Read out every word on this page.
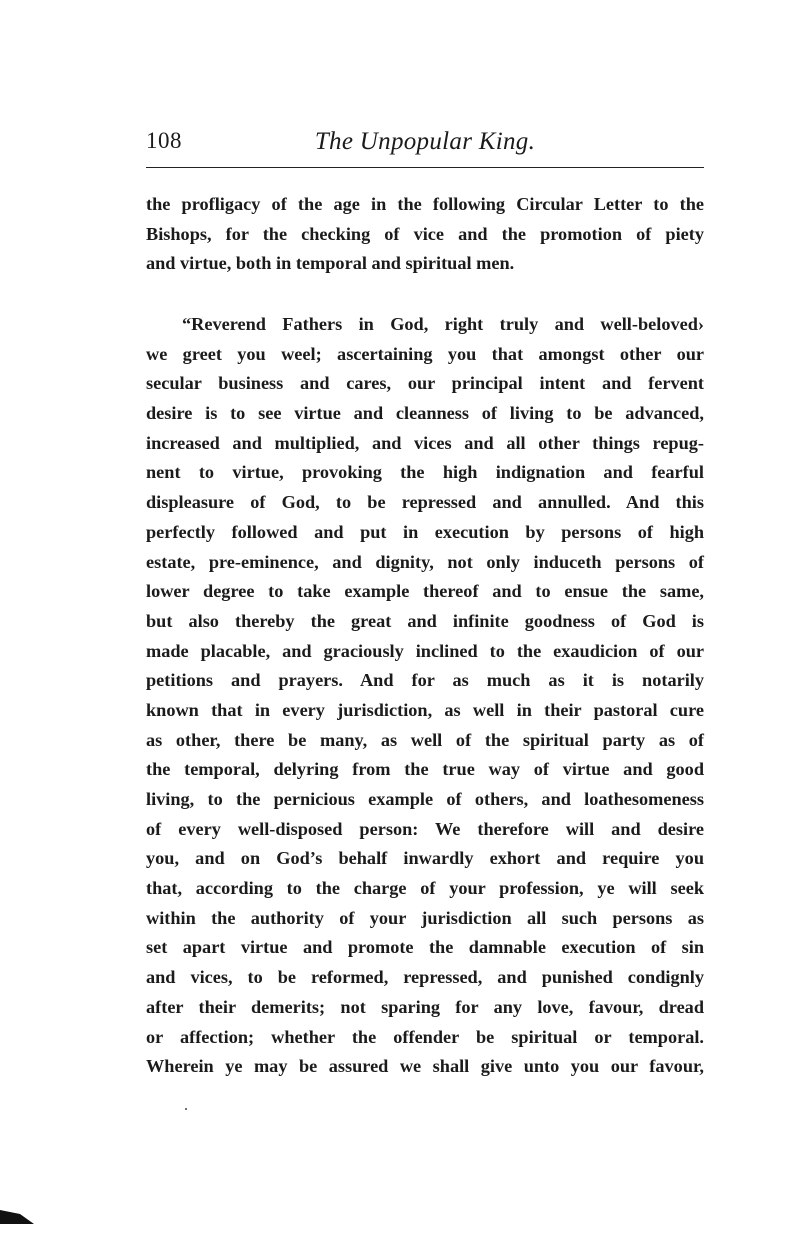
108	The Unpopular King.
the profligacy of the age in the following Circular Letter to the
Bishops, for the checking of vice and the promotion of piety
and virtue, both in temporal and spiritual men.
“Reverend Fathers in God, right truly and well-beloved›
we greet you weel; ascertaining you that amongst other our
secular business and cares, our principal intent and fervent
desire is to see virtue and cleanness of living to be advanced,
increased and multiplied, and vices and all other things repug-
nent to virtue, provoking the high indignation and fearful
displeasure of God, to be repressed and annulled. And this
perfectly followed and put in execution by persons of high
estate, pre-eminence, and dignity, not only induceth persons of
lower degree to take example thereof and to ensue the same,
but also thereby the great and infinite goodness of God is
made placable, and graciously inclined to the exaudicion of our
petitions and prayers. And for as much as it is notarily
known that in every jurisdiction, as well in their pastoral cure
as other, there be many, as well of the spiritual party as of
the temporal, delyring from the true way of virtue and good
living, to the pernicious example of others, and loathesomeness
of every well-disposed person: We therefore will and desire
you, and on God’s behalf inwardly exhort and require you
that, according to the charge of your profession, ye will seek
within the authority of your jurisdiction all such persons as
set apart virtue and promote the damnable execution of sin
and vices, to be reformed, repressed, and punished condignly
after their demerits; not sparing for any love, favour, dread
or affection; whether the offender be spiritual or temporal.
Wherein ye may be assured we shall give unto you our favour,
